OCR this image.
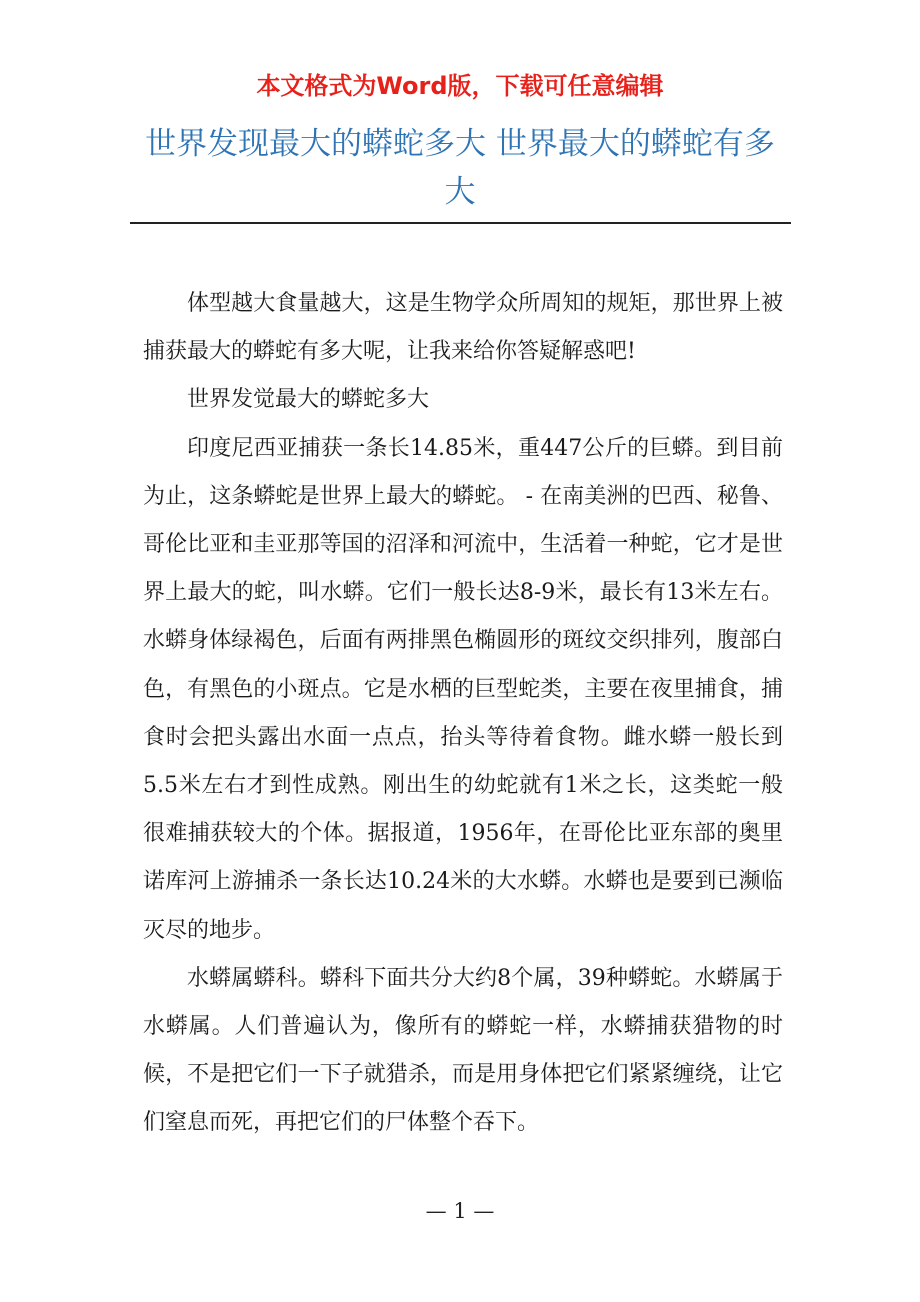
本文格式为Word版，下载可任意编辑
世界发现最大的蟒蛇多大 世界最大的蟒蛇有多大

体型越大食量越大，这是生物学众所周知的规矩，那世界上被捕获最大的蟒蛇有多大呢，让我来给你答疑解惑吧!

世界发觉最大的蟒蛇多大

印度尼西亚捕获一条长14.85米，重447公斤的巨蟒。到目前为止，这条蟒蛇是世界上最大的蟒蛇。 - 在南美洲的巴西、秘鲁、哥伦比亚和圭亚那等国的沼泽和河流中，生活着一种蛇，它才是世界上最大的蛇，叫水蟒。它们一般长达8-9米，最长有13米左右。 水蟒身体绿褐色，后面有两排黑色椭圆形的斑纹交织排列，腹部白色，有黑色的小斑点。它是水栖的巨型蛇类，主要在夜里捕食，捕食时会把头露出水面一点点，抬头等待着食物。雌水蟒一般长到5.5米左右才到性成熟。刚出生的幼蛇就有1米之长，这类蛇一般很难捕获较大的个体。据报道，1956年，在哥伦比亚东部的奥里诺库河上游捕杀一条长达10.24米的大水蟒。水蟒也是要到已濒临灭尽的地步。

水蟒属蟒科。蟒科下面共分大约8个属，39种蟒蛇。水蟒属于水蟒属。人们普遍认为，像所有的蟒蛇一样，水蟒捕获猎物的时候，不是把它们一下子就猎杀，而是用身体把它们紧紧缠绕，让它们窒息而死，再把它们的尸体整个吞下。

— 1 —
